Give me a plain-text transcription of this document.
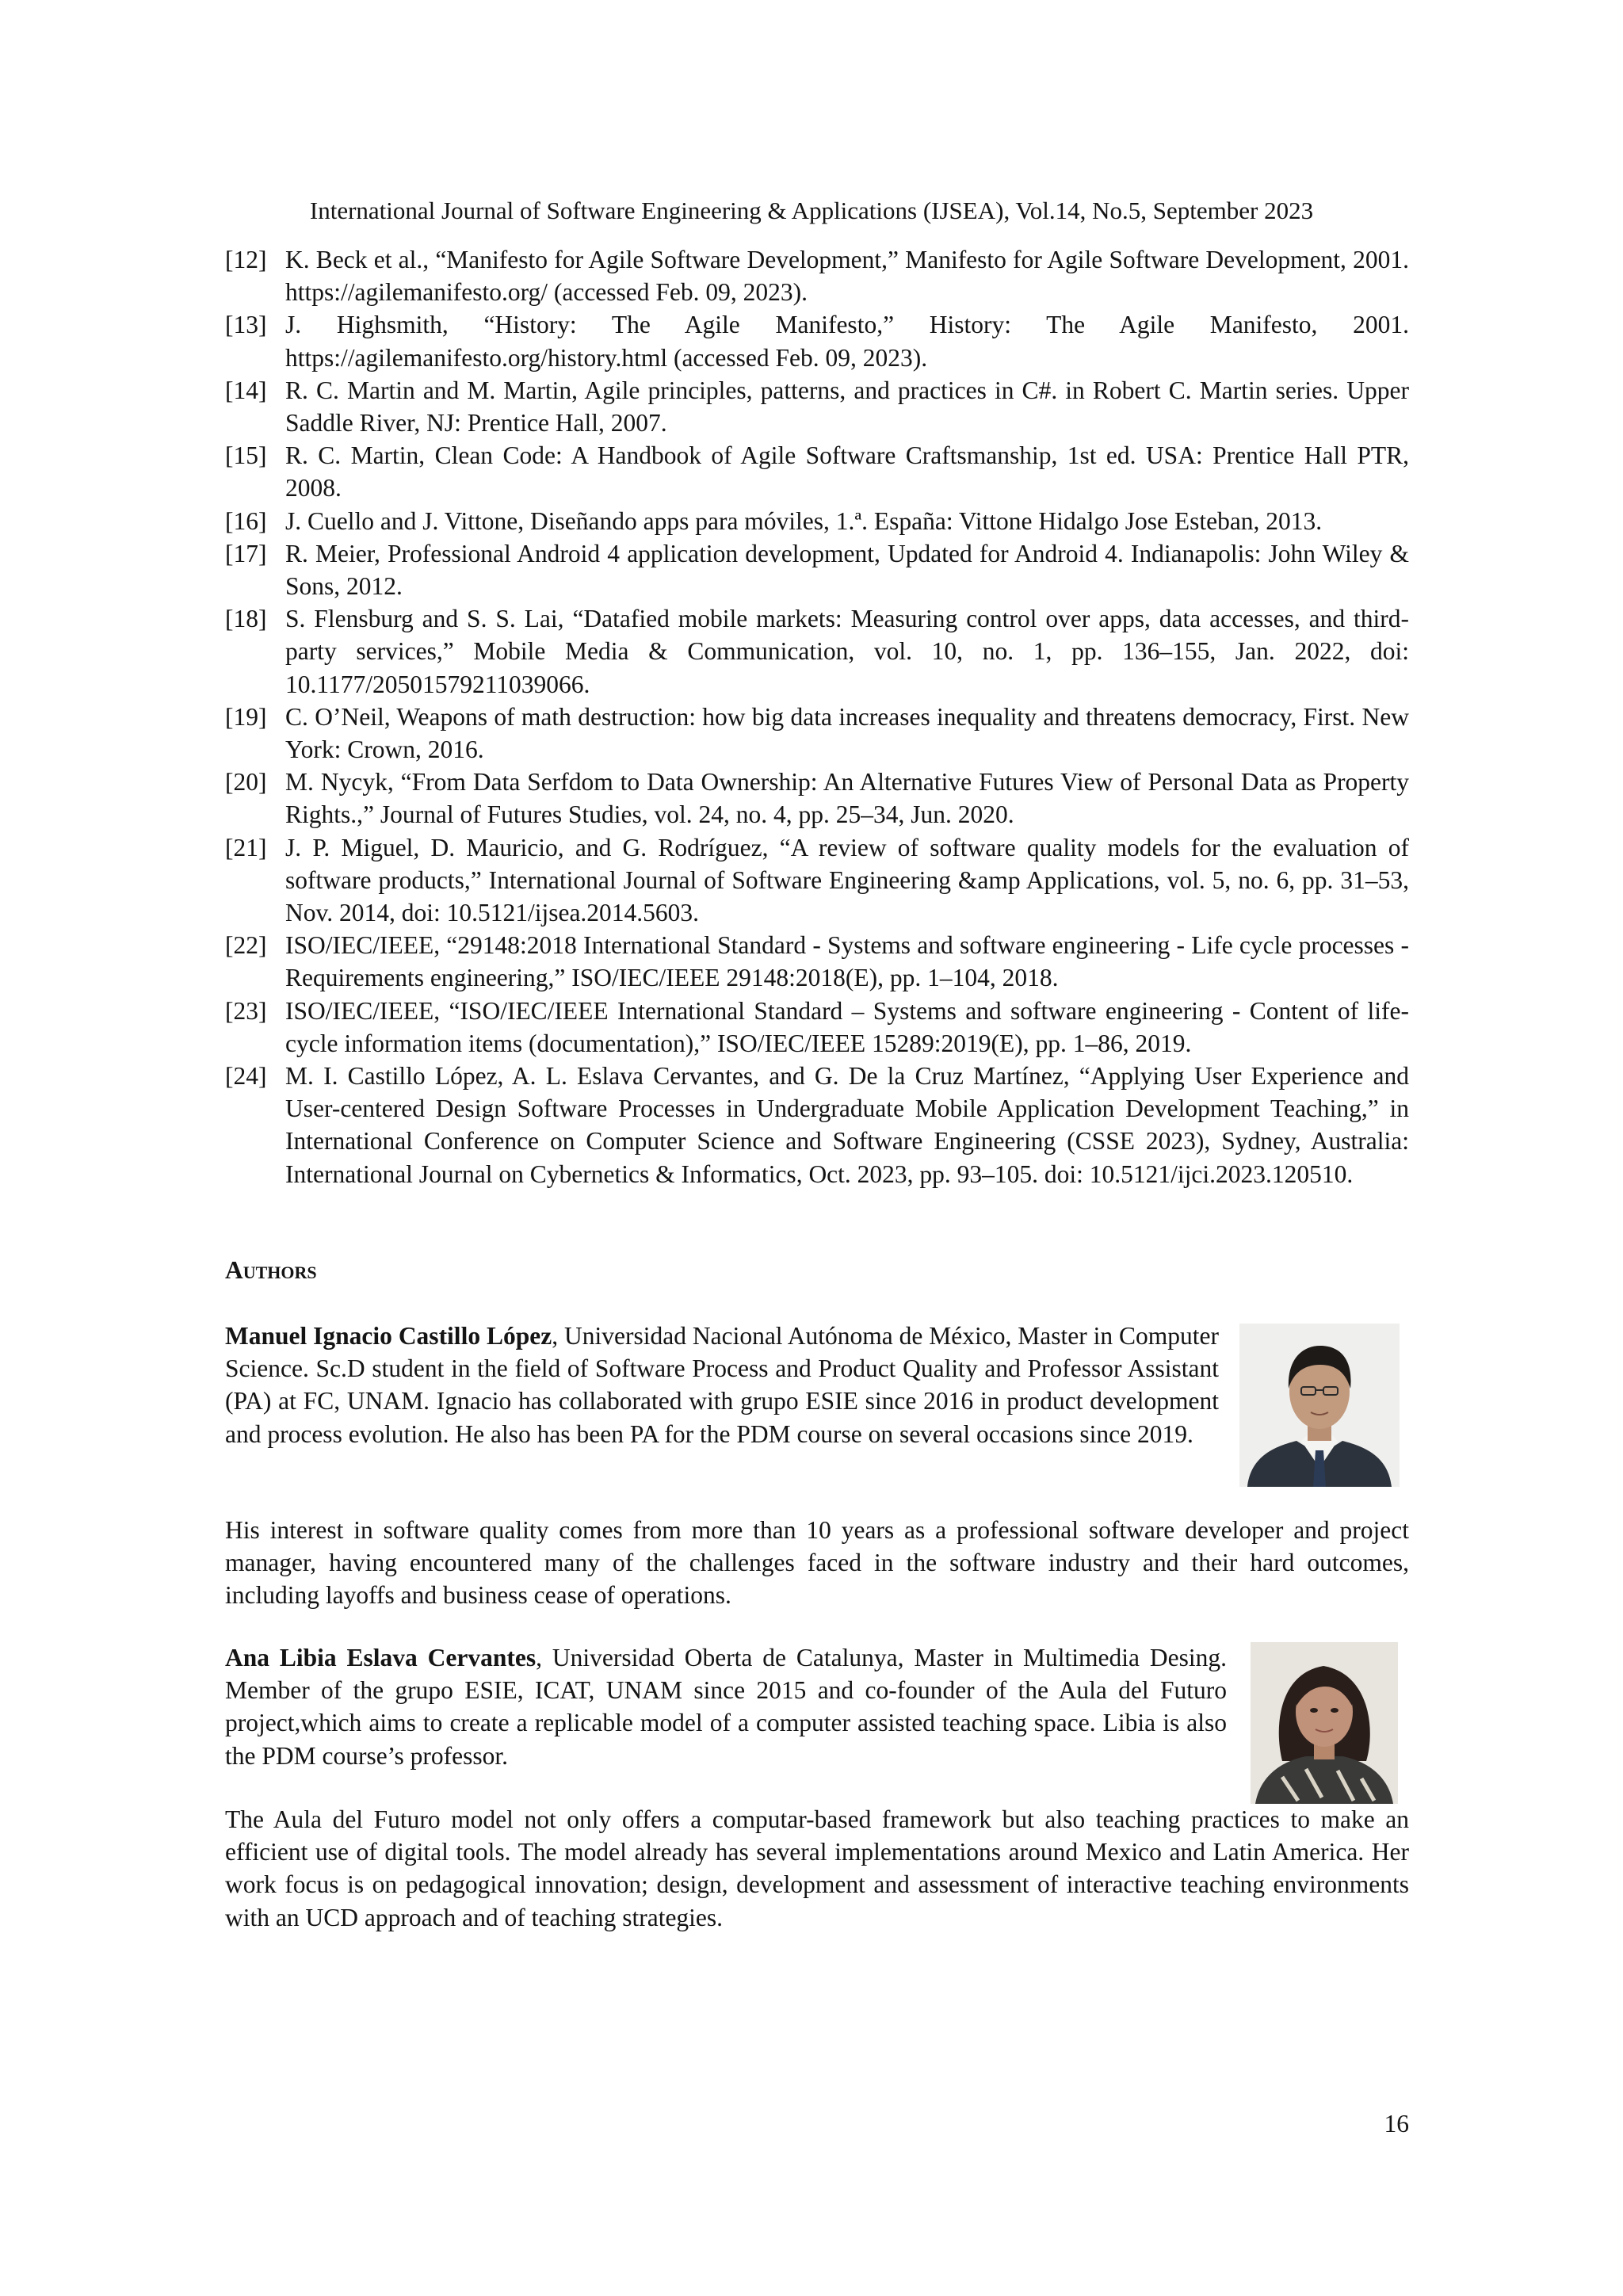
International Journal of Software Engineering & Applications (IJSEA), Vol.14, No.5, September 2023
[12] K. Beck et al., “Manifesto for Agile Software Development,” Manifesto for Agile Software Development, 2001. https://agilemanifesto.org/ (accessed Feb. 09, 2023).
[13] J. Highsmith, “History: The Agile Manifesto,” History: The Agile Manifesto, 2001. https://agilemanifesto.org/history.html (accessed Feb. 09, 2023).
[14] R. C. Martin and M. Martin, Agile principles, patterns, and practices in C#. in Robert C. Martin series. Upper Saddle River, NJ: Prentice Hall, 2007.
[15] R. C. Martin, Clean Code: A Handbook of Agile Software Craftsmanship, 1st ed. USA: Prentice Hall PTR, 2008.
[16] J. Cuello and J. Vittone, Diseñando apps para móviles, 1.ª. España: Vittone Hidalgo Jose Esteban, 2013.
[17] R. Meier, Professional Android 4 application development, Updated for Android 4. Indianapolis: John Wiley & Sons, 2012.
[18] S. Flensburg and S. S. Lai, “Datafied mobile markets: Measuring control over apps, data accesses, and third-party services,” Mobile Media & Communication, vol. 10, no. 1, pp. 136–155, Jan. 2022, doi: 10.1177/20501579211039066.
[19] C. O’Neil, Weapons of math destruction: how big data increases inequality and threatens democracy, First. New York: Crown, 2016.
[20] M. Nycyk, “From Data Serfdom to Data Ownership: An Alternative Futures View of Personal Data as Property Rights.,” Journal of Futures Studies, vol. 24, no. 4, pp. 25–34, Jun. 2020.
[21] J. P. Miguel, D. Mauricio, and G. Rodríguez, “A review of software quality models for the evaluation of software products,” International Journal of Software Engineering &amp Applications, vol. 5, no. 6, pp. 31–53, Nov. 2014, doi: 10.5121/ijsea.2014.5603.
[22] ISO/IEC/IEEE, “29148:2018 International Standard - Systems and software engineering - Life cycle processes - Requirements engineering,” ISO/IEC/IEEE 29148:2018(E), pp. 1–104, 2018.
[23] ISO/IEC/IEEE, “ISO/IEC/IEEE International Standard – Systems and software engineering - Content of life-cycle information items (documentation),” ISO/IEC/IEEE 15289:2019(E), pp. 1–86, 2019.
[24] M. I. Castillo López, A. L. Eslava Cervantes, and G. De la Cruz Martínez, “Applying User Experience and User-centered Design Software Processes in Undergraduate Mobile Application Development Teaching,” in International Conference on Computer Science and Software Engineering (CSSE 2023), Sydney, Australia: International Journal on Cybernetics & Informatics, Oct. 2023, pp. 93–105. doi: 10.5121/ijci.2023.120510.
Authors

Manuel Ignacio Castillo López, Universidad Nacional Autónoma de México, Master in Computer Science. Sc.D student in the field of Software Process and Product Quality and Professor Assistant (PA) at FC, UNAM. Ignacio has collaborated with grupo ESIE since 2016 in product development and process evolution. He also has been PA for the PDM course on several occasions since 2019.

His interest in software quality comes from more than 10 years as a professional software developer and project manager, having encountered many of the challenges faced in the software industry and their hard outcomes, including layoffs and business cease of operations.

Ana Libia Eslava Cervantes, Universidad Oberta de Catalunya, Master in Multimedia Desing. Member of the grupo ESIE, ICAT, UNAM since 2015 and co-founder of the Aula del Futuro project,which aims to create a replicable model of a computer assisted teaching space. Libia is also the PDM course’s professor.

The Aula del Futuro model not only offers a computar-based framework but also teaching practices to make an efficient use of digital tools. The model already has several implementations around Mexico and Latin America. Her work focus is on pedagogical innovation; design, development and assessment of interactive teaching environments with an UCD approach and of teaching strategies.

16
